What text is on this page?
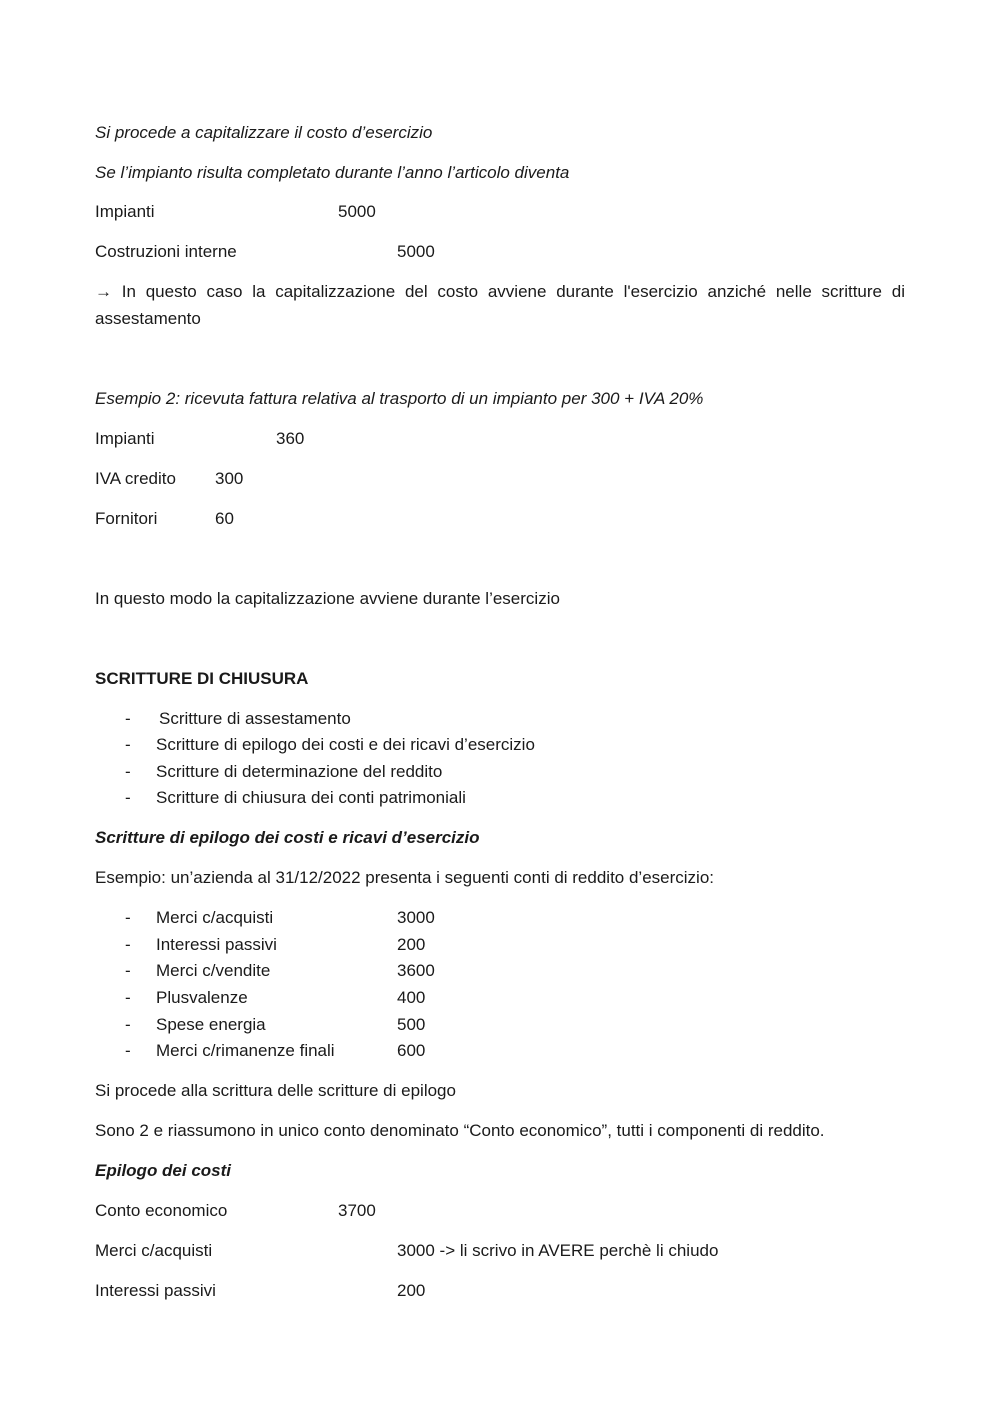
Si procede a capitalizzare il costo d’esercizio
Se l’impianto risulta completato durante l’anno l’articolo diventa
Impianti	5000
Costruzioni interne	5000
→ In questo caso la capitalizzazione del costo avviene durante l'esercizio anziché nelle scritture di assestamento
Esempio 2: ricevuta fattura relativa al trasporto di un impianto per 300 + IVA 20%
Impianti	360
IVA credito 300
Fornitori	60
In questo modo la capitalizzazione avviene durante l’esercizio
SCRITTURE DI CHIUSURA
- Scritture di assestamento
- Scritture di epilogo dei costi e dei ricavi d’esercizio
- Scritture di determinazione del reddito
- Scritture di chiusura dei conti patrimoniali
Scritture di epilogo dei costi e ricavi d’esercizio
Esempio: un’azienda al 31/12/2022 presenta i seguenti conti di reddito d’esercizio:
- Merci c/acquisti	3000
- Interessi passivi	200
- Merci c/vendite	3600
- Plusvalenze	400
- Spese energia	500
- Merci c/rimanenze finali	600
Si procede alla scrittura delle scritture di epilogo
Sono 2 e riassumono in unico conto denominato “Conto economico”, tutti i componenti di reddito.
Epilogo dei costi
Conto economico	3700
Merci c/acquisti	3000 -> li scrivo in AVERE perchè li chiudo
Interessi passivi	200
